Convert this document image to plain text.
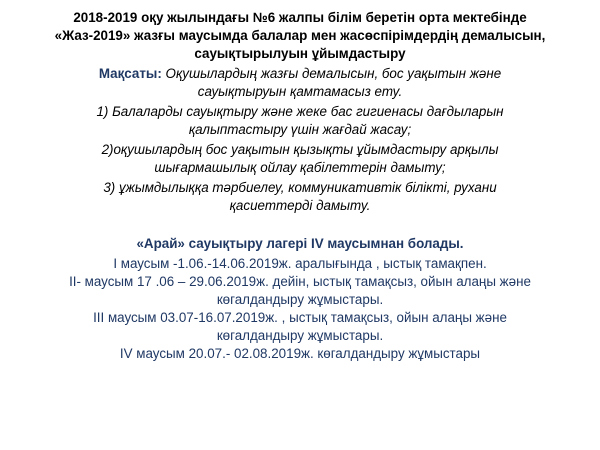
2018-2019 оқу жылындағы №6 жалпы білім беретін орта мектебінде
«Жаз-2019» жазғы маусымда балалар мен жасөспірімдердің демалысын,
сауықтырылуын ұйымдастыру
Мақсаты: Оқушылардың жазғы демалысын, бос уақытын және
сауықтыруын қамтамасыз ету.
1) Балаларды сауықтыру және жеке бас гигиенасы дағдыларын
қалыптастыру үшін жағдай жасау;
2)оқушылардың бос уақытын қызықты ұйымдастыру арқылы
шығармашылық ойлау қабілеттерін дамыту;
3) ұжымдылыққа тәрбиелеу, коммуникативтік білікті, рухани
қасиеттерді дамыту.
«Арай» сауықтыру лагері IV маусымнан болады.
I маусым -1.06.-14.06.2019ж. аралығында , ыстық тамақпен.
II- маусым 17 .06 – 29.06.2019ж. дейін, ыстық тамақсыз, ойын алаңы және
көгалдандыру жұмыстары.
III маусым 03.07-16.07.2019ж. , ыстық тамақсыз, ойын алаңы және
көгалдандыру жұмыстары.
IV маусым 20.07.- 02.08.2019ж. көгалдандыру жұмыстары
